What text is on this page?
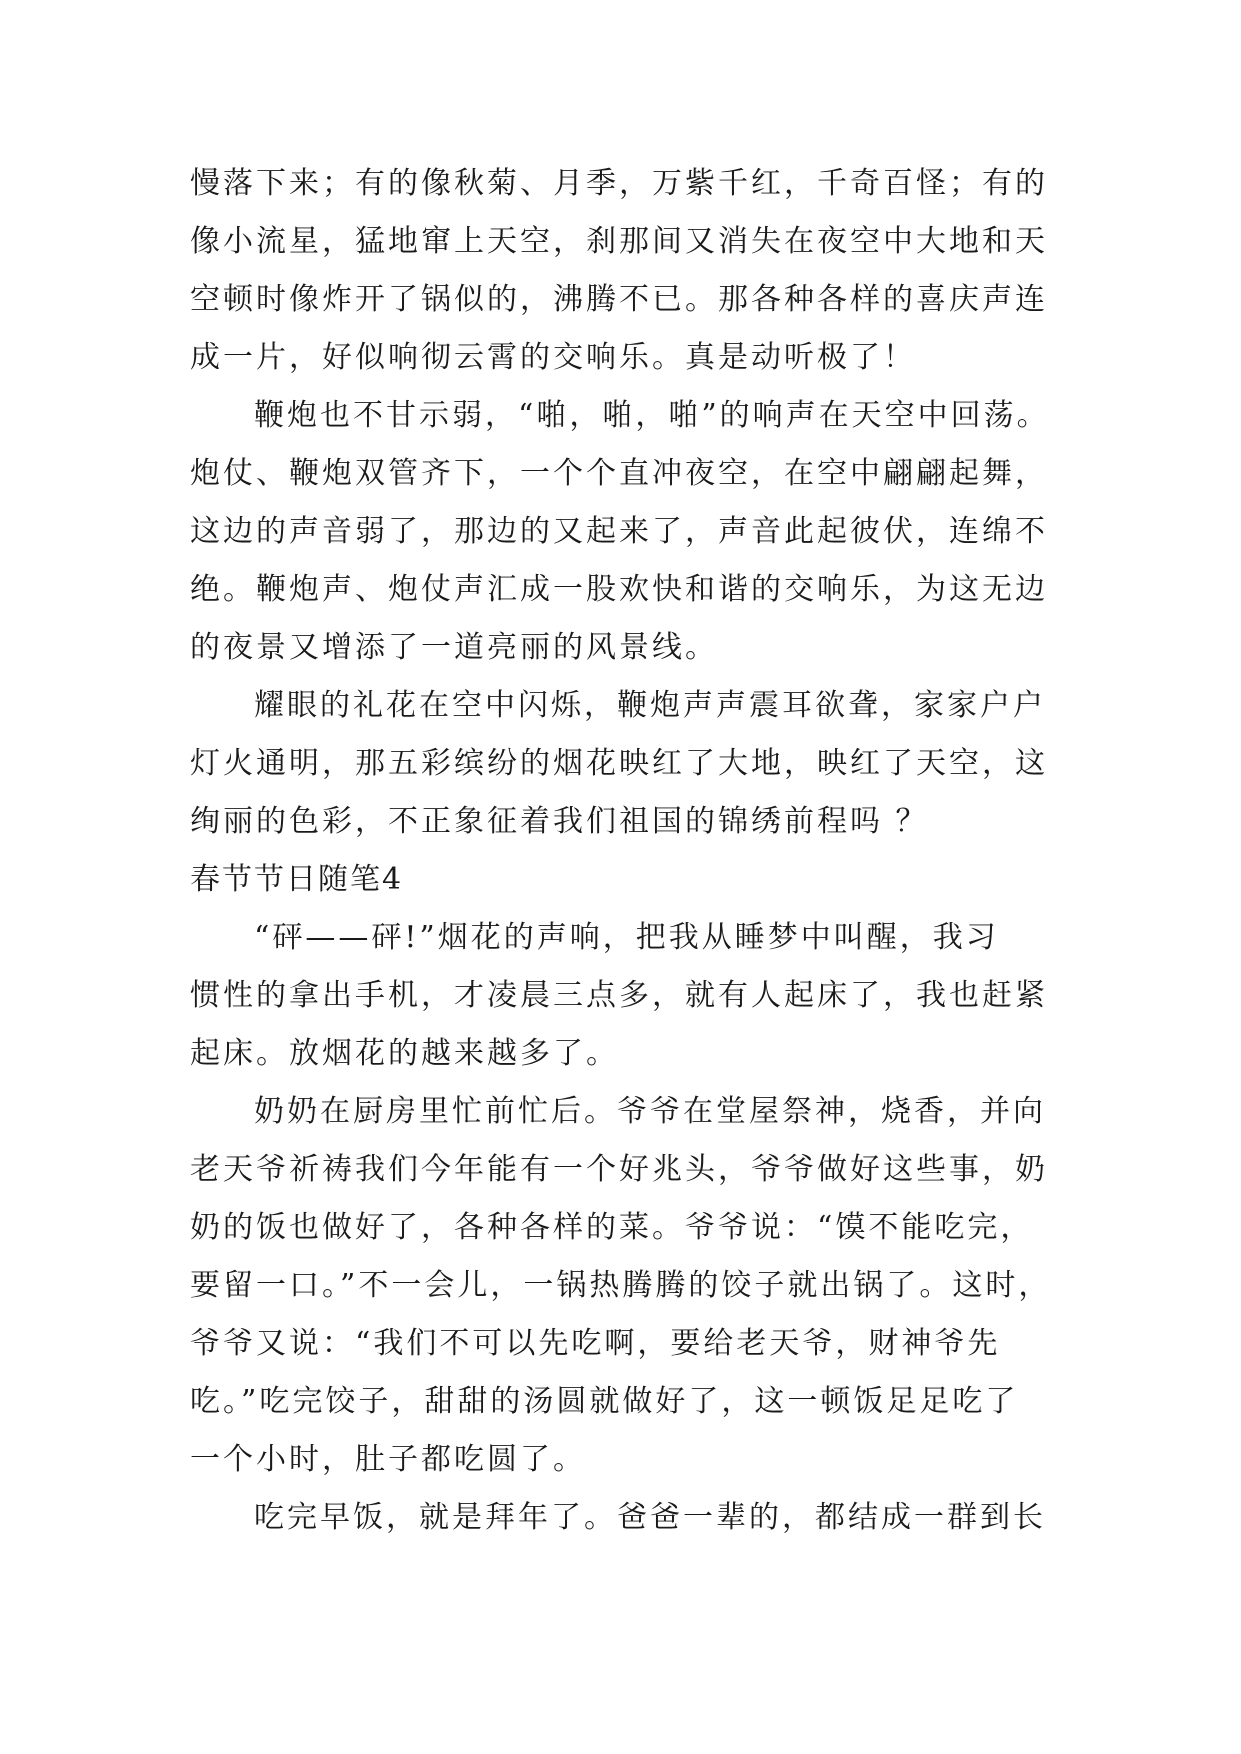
慢落下来；有的像秋菊、月季，万紫千红，千奇百怪；有的
像小流星，猛地窜上天空，刹那间又消失在夜空中大地和天
空顿时像炸开了锅似的，沸腾不已。那各种各样的喜庆声连
成一片，好似响彻云霄的交响乐。真是动听极了！
鞭炮也不甘示弱，“啪，啪，啪”的响声在天空中回荡。
炮仗、鞭炮双管齐下，一个个直冲夜空，在空中翩翩起舞，
这边的声音弱了，那边的又起来了，声音此起彼伏，连绵不
绝。鞭炮声、炮仗声汇成一股欢快和谐的交响乐，为这无边
的夜景又增添了一道亮丽的风景线。
耀眼的礼花在空中闪烁，鞭炮声声震耳欲聋，家家户户
灯火通明，那五彩缤纷的烟花映红了大地，映红了天空，这
绚丽的色彩，不正象征着我们祖国的锦绣前程吗 ？
春节节日随笔4
“砰——砰!”烟花的声响，把我从睡梦中叫醒，我习
惯性的拿出手机，才凌晨三点多，就有人起床了，我也赶紧
起床。放烟花的越来越多了。
奶奶在厨房里忙前忙后。爷爷在堂屋祭神，烧香，并向
老天爷祈祷我们今年能有一个好兆头，爷爷做好这些事，奶
奶的饭也做好了，各种各样的菜。爷爷说：“馍不能吃完，
要留一口。”不一会儿，一锅热腾腾的饺子就出锅了。这时，
爷爷又说：“我们不可以先吃啊，要给老天爷，财神爷先
吃。”吃完饺子，甜甜的汤圆就做好了，这一顿饭足足吃了
一个小时，肚子都吃圆了。
吃完早饭，就是拜年了。爸爸一辈的，都结成一群到长
